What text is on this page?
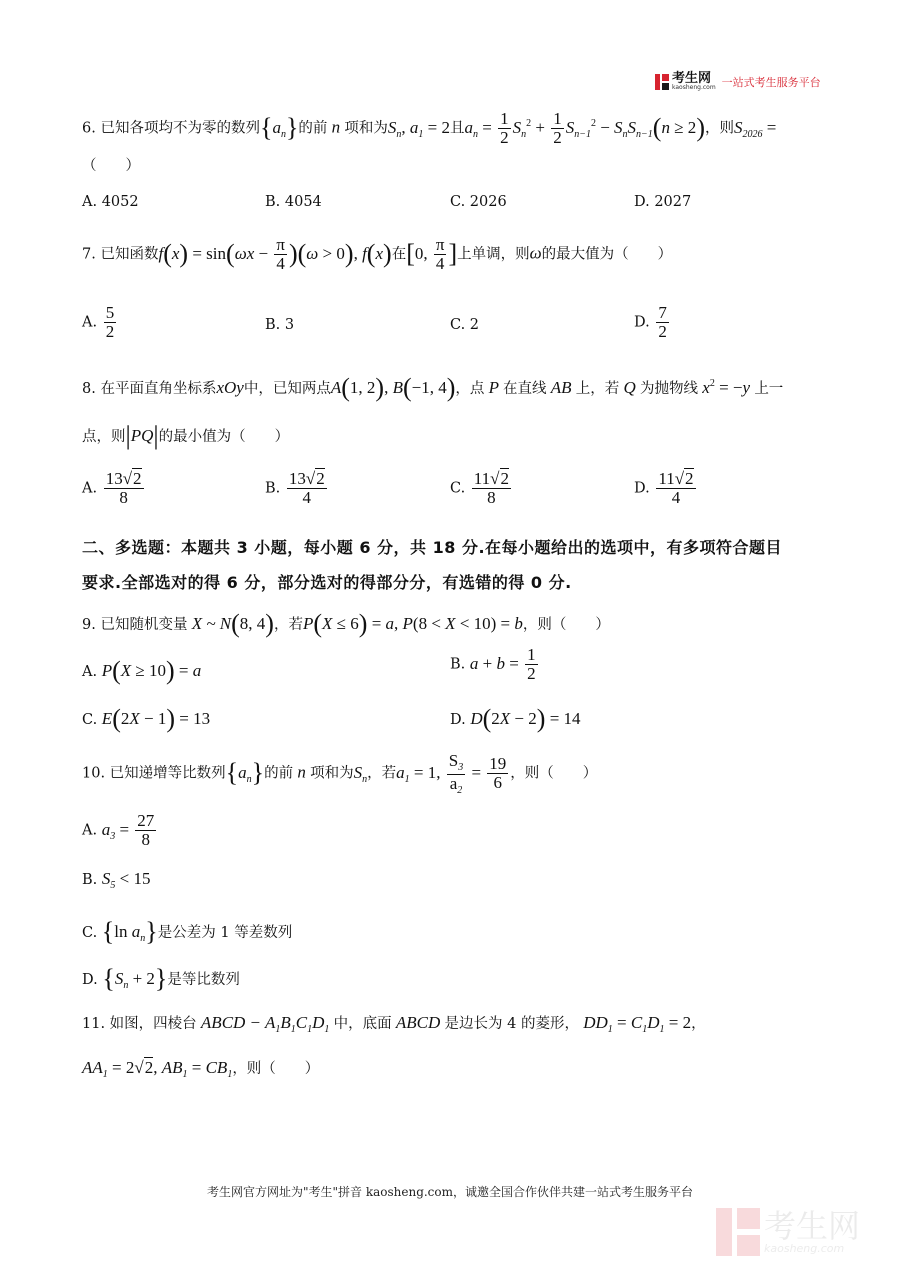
考生网
kaosheng.com 一站式考生服务平台
6. 已知各项均不为零的数列$\{a_n\}$的前 n 项和为$S_n$, $a_1 = 2$且$a_n = \frac{1}{2} S_n^2 + \frac{1}{2} S_{n-1}^2 - S_nS_{n-1}(n \ge 2)$，则$S_{2026}$ =
（　　）
A. 4052	B. 4054	C. 2026	D. 2027
7. 已知函数$f(x) = \sin(\omega x - \frac{\pi}{4} )(\omega > 0)$, f(x)在[0, $\frac{\pi}{4}$ ]上单调，则ω的最大值为（　　）
A. $\frac{5}{2}$	B. 3	C. 2	D. $\frac{7}{2}$
8. 在平面直角坐标系xOy中，已知两点A(1, 2), B(−1, 4)，点 P 在直线 AB 上，若 Q 为抛物线 $x^2 = -y$ 上一
点，则|PQ|的最小值为（　　）
A. $\frac{13√2}{8}$	B. $\frac{13√2}{4}$	C. $\frac{11√2}{8}$	D. $\frac{11√2}{4}$
二、多选题：本题共 3 小题，每小题 6 分，共 18 分.在每小题给出的选项中，有多项符合题目
要求.全部选对的得 6 分，部分选对的得部分分，有选错的得 0 分.
9. 已知随机变量 X ~ N(8, 4)，若P(X ≤ 6) = a, P(8 < X < 10) = b，则（　　）
A. P(X ≥ 10) = a	B. $a + b = \frac{1}{2}$
C. E(2X − 1) = 13	D. D(2X − 2) = 14
10. 已知递增等比数列$\{a_n\}$的前 n 项和为$S_n$，若$a_1 = 1$, $\frac{S_3}{a_2} = \frac{19}{6}$ ，则（　　）
A. $a_3 = \frac{27}{8}$
B. $S_5 < 15$
C. {ln $a_n$}是公差为 1 等差数列
D. $\{S_n + 2\}$是等比数列
11. 如图，四棱台 ABCD − $A_1B_1C_1D_1$ 中，底面 ABCD 是边长为 4 的菱形， $DD_1 = C_1D_1 = 2$，
$AA_1 = 2√2$, $AB_1 = CB_1$，则（　　）
考生网官方网址为"考生"拼音 kaosheng.com，诚邀全国合作伙伴共建一站式考生服务平台
考生网
kaosheng.com
